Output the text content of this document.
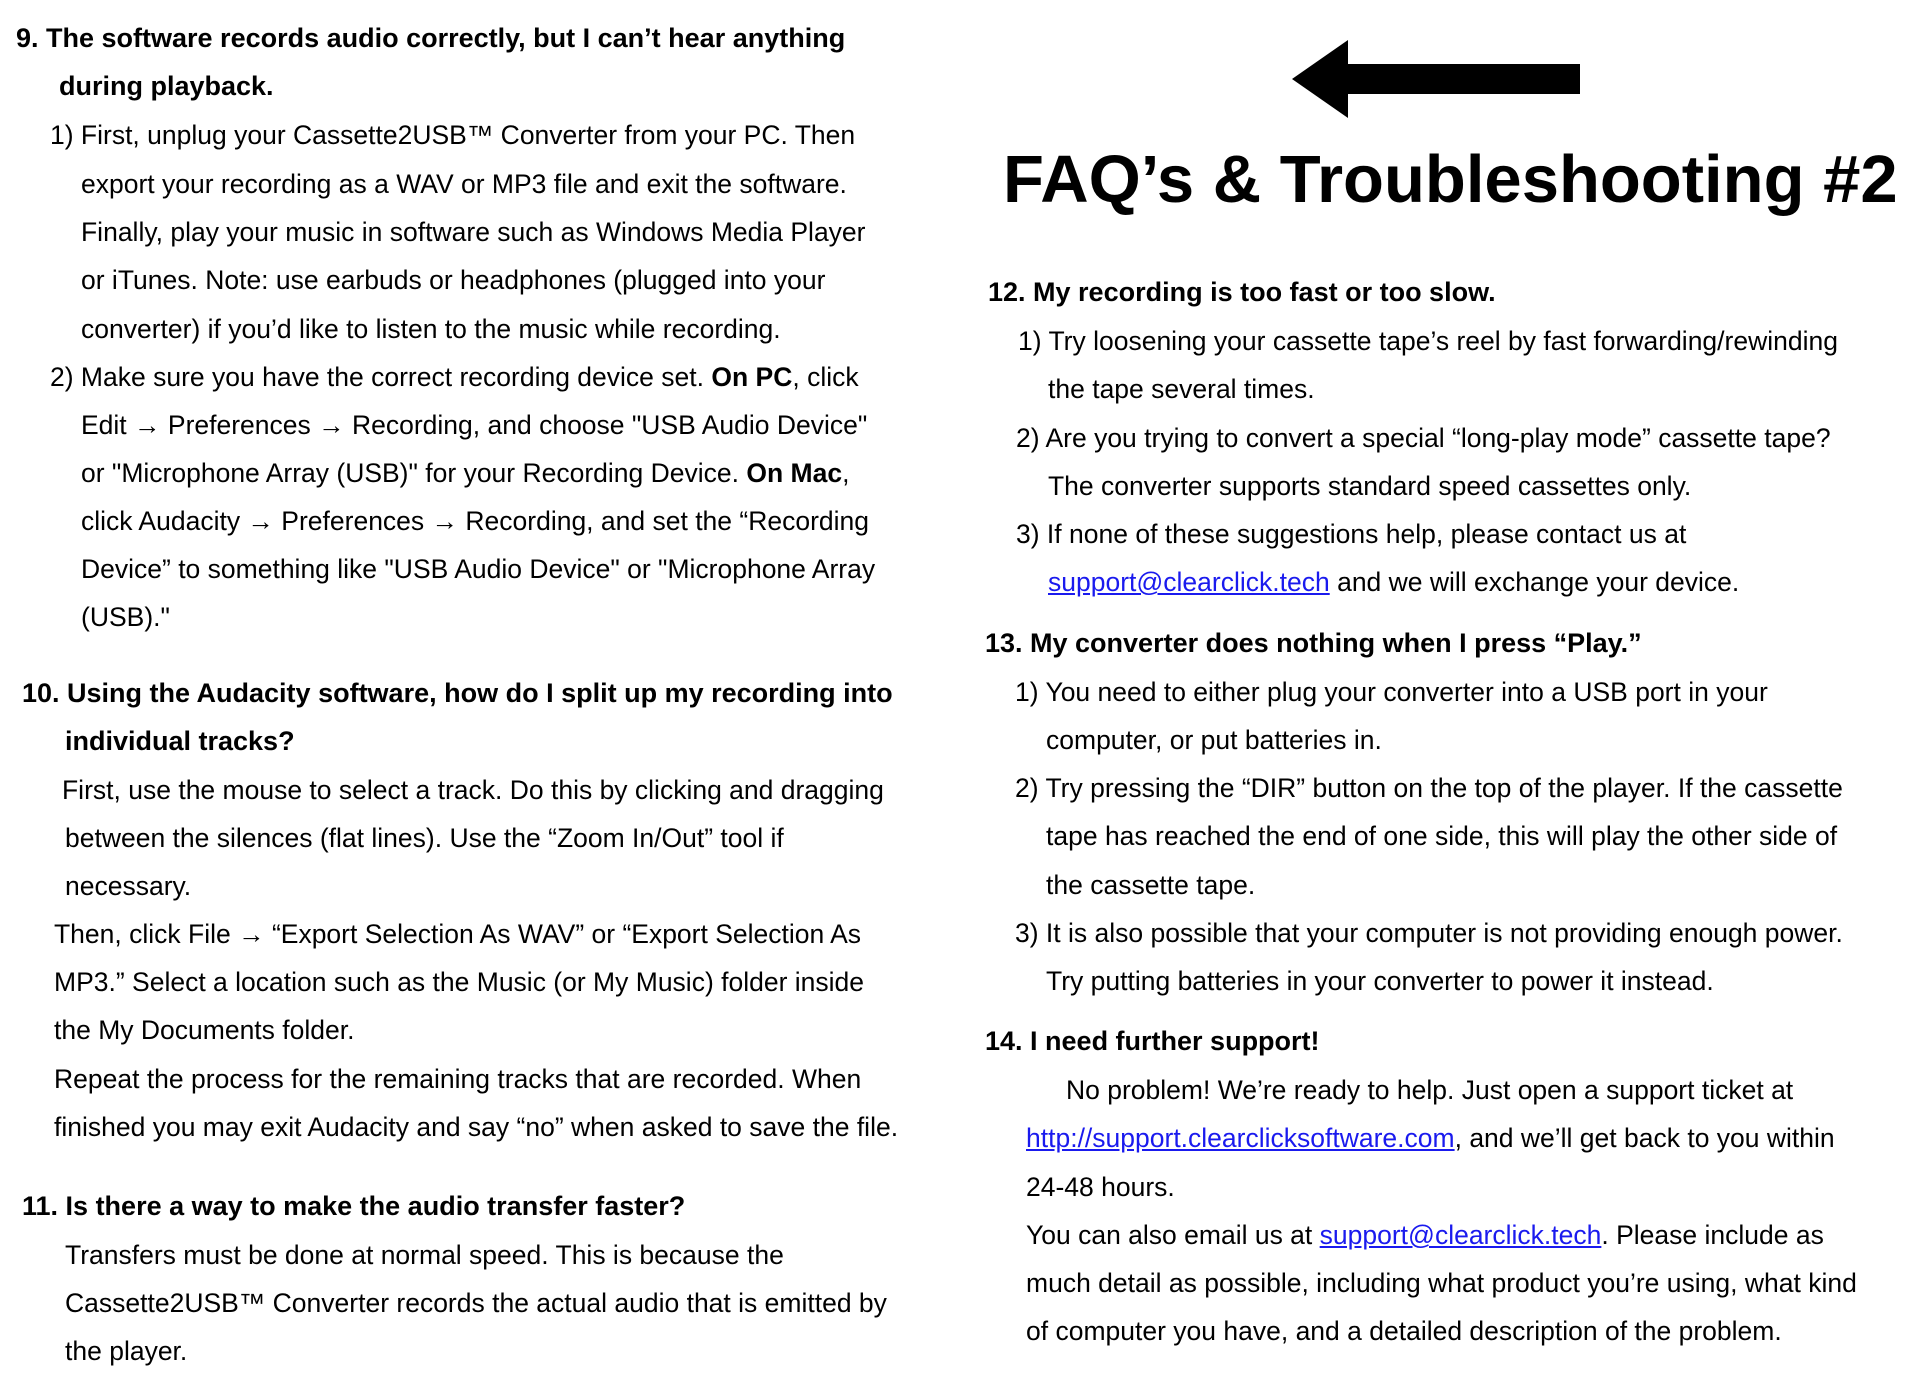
FAQ’s & Troubleshooting #2
9. The software records audio correctly, but I can’t hear anything
during playback.
1) First, unplug your Cassette2USB™ Converter from your PC. Then
export your recording as a WAV or MP3 file and exit the software.
Finally, play your music in software such as Windows Media Player
or iTunes. Note: use earbuds or headphones (plugged into your
converter) if you’d like to listen to the music while recording.
2) Make sure you have the correct recording device set. On PC, click
Edit → Preferences → Recording, and choose "USB Audio Device"
or "Microphone Array (USB)" for your Recording Device. On Mac,
click Audacity → Preferences → Recording, and set the “Recording
Device” to something like "USB Audio Device" or "Microphone Array
(USB)."
10. Using the Audacity software, how do I split up my recording into
individual tracks?
First, use the mouse to select a track. Do this by clicking and dragging
between the silences (flat lines). Use the “Zoom In/Out” tool if
necessary.
Then, click File → “Export Selection As WAV” or “Export Selection As
MP3.” Select a location such as the Music (or My Music) folder inside
the My Documents folder.
Repeat the process for the remaining tracks that are recorded. When
finished you may exit Audacity and say “no” when asked to save the file.
11. Is there a way to make the audio transfer faster?
Transfers must be done at normal speed. This is because the
Cassette2USB™ Converter records the actual audio that is emitted by
the player.
12. My recording is too fast or too slow.
1) Try loosening your cassette tape’s reel by fast forwarding/rewinding
the tape several times.
2) Are you trying to convert a special “long-play mode” cassette tape?
The converter supports standard speed cassettes only.
3) If none of these suggestions help, please contact us at
support@clearclick.tech and we will exchange your device.
13. My converter does nothing when I press “Play.”
1) You need to either plug your converter into a USB port in your
computer, or put batteries in.
2) Try pressing the “DIR” button on the top of the player. If the cassette
tape has reached the end of one side, this will play the other side of
the cassette tape.
3) It is also possible that your computer is not providing enough power.
Try putting batteries in your converter to power it instead.
14. I need further support!
No problem! We’re ready to help. Just open a support ticket at
http://support.clearclicksoftware.com, and we’ll get back to you within
24-48 hours.
You can also email us at support@clearclick.tech. Please include as
much detail as possible, including what product you’re using, what kind
of computer you have, and a detailed description of the problem.
